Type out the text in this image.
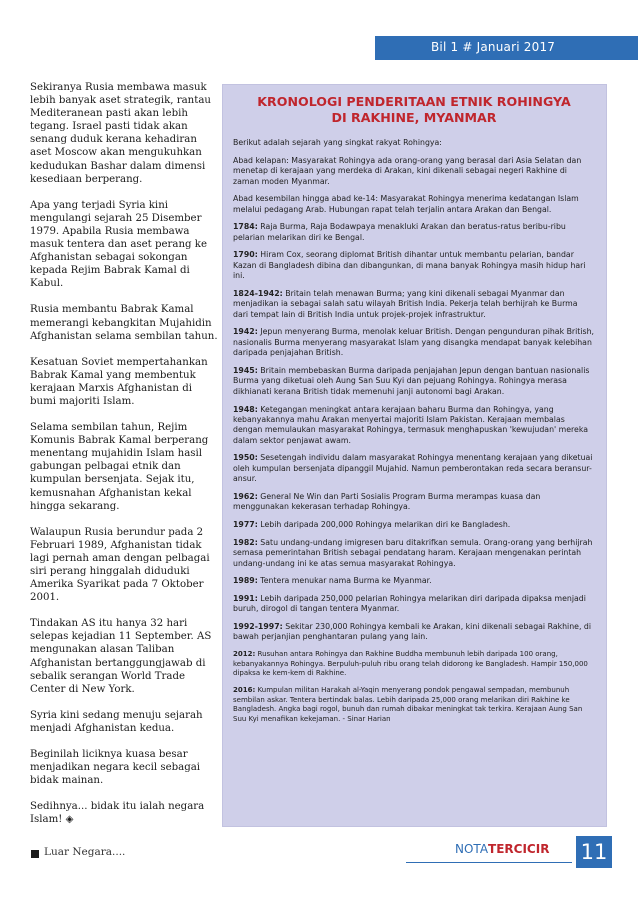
Bil 1 # Januari 2017

Sekiranya Rusia membawa masuk lebih banyak aset strategik, rantau Mediteranean pasti akan lebih tegang. Israel pasti tidak akan senang duduk kerana kehadiran aset Moscow akan mengukuhkan kedudukan Bashar dalam dimensi kesediaan berperang.

Apa yang terjadi Syria kini mengulangi sejarah 25 Disember 1979. Apabila Rusia membawa masuk tentera dan aset perang ke Afghanistan sebagai sokongan kepada Rejim Babrak Kamal di Kabul.

Rusia membantu Babrak Kamal memerangi kebangkitan Mujahidin Afghanistan selama sembilan tahun.

Kesatuan Soviet mempertahankan Babrak Kamal yang membentuk kerajaan Marxis Afghanistan di bumi majoriti Islam.

Selama sembilan tahun, Rejim Komunis Babrak Kamal berperang menentang mujahidin Islam hasil gabungan pelbagai etnik dan kumpulan bersenjata. Sejak itu, kemusnahan Afghanistan kekal hingga sekarang.

Walaupun Rusia berundur pada 2 Februari 1989, Afghanistan tidak lagi pernah aman dengan pelbagai siri perang hinggalah diduduki Amerika Syarikat pada 7 Oktober 2001.

Tindakan AS itu hanya 32 hari selepas kejadian 11 September. AS mengunakan alasan Taliban Afghanistan bertanggungjawab di sebalik serangan World Trade Center di New York.

Syria kini sedang menuju sejarah menjadi Afghanistan kedua.

Beginilah liciknya kuasa besar menjadikan negara kecil sebagai bidak mainan.

Sedihnya... bidak itu ialah negara Islam! ◈

KRONOLOGI PENDERITAAN ETNIK ROHINGYA
DI RAKHINE, MYANMAR

Berikut adalah sejarah yang singkat rakyat Rohingya:

Abad kelapan: Masyarakat Rohingya ada orang-orang yang berasal dari Asia Selatan dan menetap di kerajaan yang merdeka di Arakan, kini dikenali sebagai negeri Rakhine di zaman moden Myanmar.

Abad kesembilan hingga abad ke-14: Masyarakat Rohingya menerima kedatangan Islam melalui pedagang Arab. Hubungan rapat telah terjalin antara Arakan dan Bengal.

1784: Raja Burma, Raja Bodawpaya menakluki Arakan dan beratus-ratus beribu-ribu pelarian melarikan diri ke Bengal.

1790: Hiram Cox, seorang diplomat British dihantar untuk membantu pelarian, bandar Kazan di Bangladesh dibina dan dibangunkan, di mana banyak Rohingya masih hidup hari ini.

1824-1942: Britain telah menawan Burma; yang kini dikenali sebagai Myanmar dan menjadikan ia sebagai salah satu wilayah British India. Pekerja telah berhijrah ke Burma dari tempat lain di British India untuk projek-projek infrastruktur.

1942: Jepun menyerang Burma, menolak keluar British. Dengan pengunduran pihak British, nasionalis Burma menyerang masyarakat Islam yang disangka mendapat banyak kelebihan daripada penjajahan British.

1945: Britain membebaskan Burma daripada penjajahan Jepun dengan bantuan nasionalis Burma yang diketuai oleh Aung San Suu Kyi dan pejuang Rohingya. Rohingya merasa dikhianati kerana British tidak memenuhi janji autonomi bagi Arakan.

1948: Ketegangan meningkat antara kerajaan baharu Burma dan Rohingya, yang kebanyakannya mahu Arakan menyertai majoriti Islam Pakistan. Kerajaan membalas dengan memulaukan masyarakat Rohingya, termasuk menghapuskan 'kewujudan' mereka dalam sektor penjawat awam.

1950: Sesetengah individu dalam masyarakat Rohingya menentang kerajaan yang diketuai oleh kumpulan bersenjata dipanggil Mujahid. Namun pemberontakan reda secara beransur-ansur.

1962: General Ne Win dan Parti Sosialis Program Burma merampas kuasa dan menggunakan kekerasan terhadap Rohingya.

1977: Lebih daripada 200,000 Rohingya melarikan diri ke Bangladesh.

1982: Satu undang-undang imigresen baru ditakrifkan semula. Orang-orang yang berhijrah semasa pemerintahan British sebagai pendatang haram. Kerajaan mengenakan perintah undang-undang ini ke atas semua masyarakat Rohingya.

1989: Tentera menukar nama Burma ke Myanmar.

1991: Lebih daripada 250,000 pelarian Rohingya melarikan diri daripada dipaksa menjadi buruh, dirogol di tangan tentera Myanmar.

1992-1997: Sekitar 230,000 Rohingya kembali ke Arakan, kini dikenali sebagai Rakhine, di bawah perjanjian penghantaran pulang yang lain.

2012: Rusuhan antara Rohingya dan Rakhine Buddha membunuh lebih daripada 100 orang, kebanyakannya Rohingya. Berpuluh-puluh ribu orang telah didorong ke Bangladesh. Hampir 150,000 dipaksa ke kem-kem di Rakhine.

2016: Kumpulan militan Harakah al-Yaqin menyerang pondok pengawal sempadan, membunuh sembilan askar. Tentera bertindak balas. Lebih daripada 25,000 orang melarikan diri Rakhine ke Bangladesh. Angka bagi rogol, bunuh dan rumah dibakar meningkat tak terkira. Kerajaan Aung San Suu Kyi menafikan kekejaman. - Sinar Harian

Luar Negara....	NOTATERCICIR 11
